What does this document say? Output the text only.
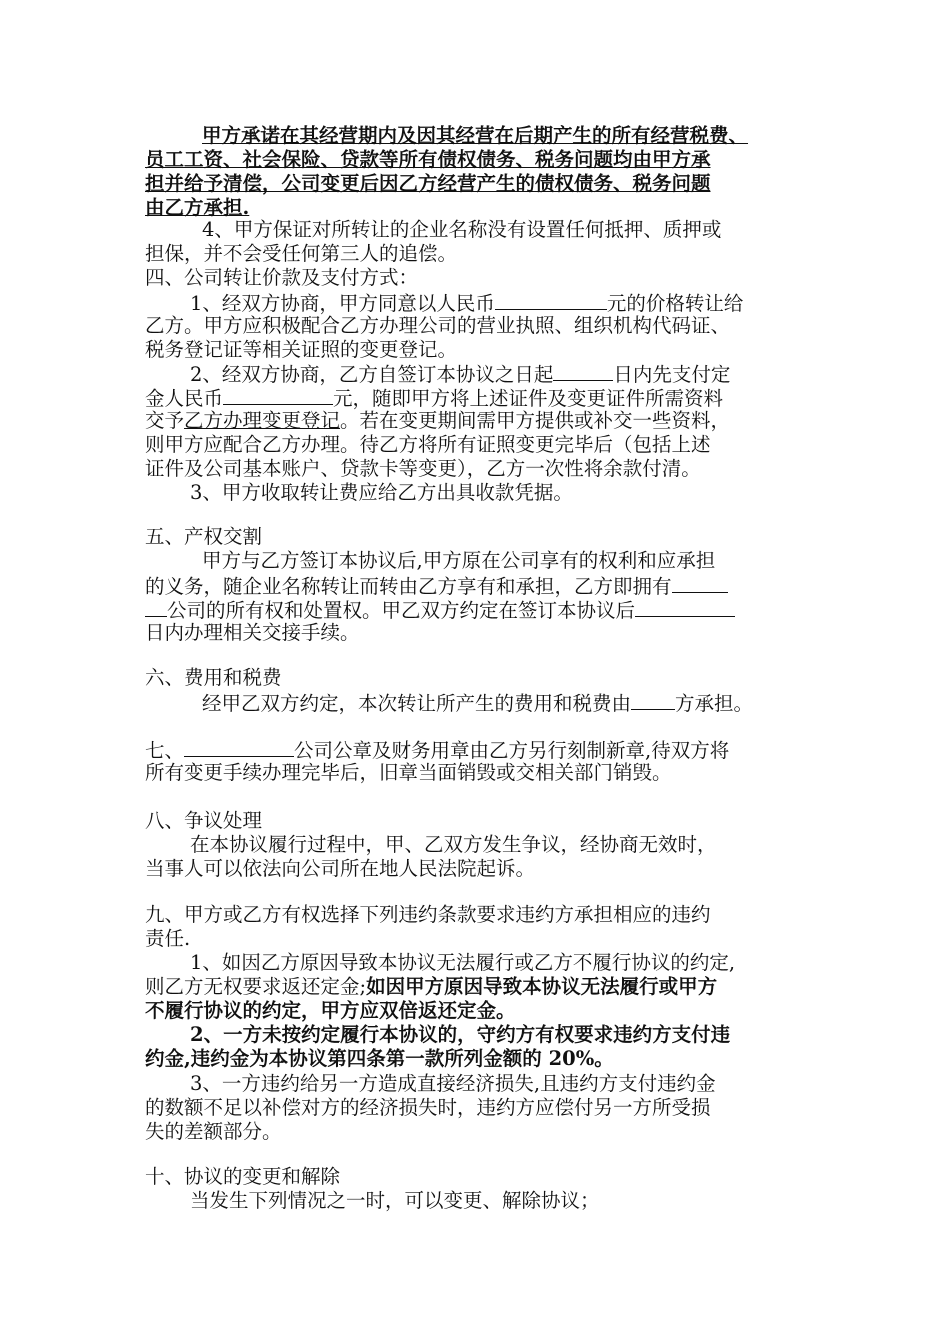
甲方承诺在其经营期内及因其经营在后期产生的所有经营税费、
员工工资、社会保险、贷款等所有债权债务、税务问题均由甲方承
担并给予清偿，公司变更后因乙方经营产生的债权债务、税务问题
由乙方承担.
4、甲方保证对所转让的企业名称没有设置任何抵押、质押或
担保，并不会受任何第三人的追偿。
四、公司转让价款及支付方式：
1、经双方协商，甲方同意以人民币	元的价格转让给
乙方。甲方应积极配合乙方办理公司的营业执照、组织机构代码证、
税务登记证等相关证照的变更登记。
2、经双方协商，乙方自签订本协议之日起	日内先支付定
金人民币	元，随即甲方将上述证件及变更证件所需资料
交予乙方办理变更登记。若在变更期间需甲方提供或补交一些资料，
则甲方应配合乙方办理。待乙方将所有证照变更完毕后（包括上述
证件及公司基本账户、贷款卡等变更），乙方一次性将余款付清。
3、甲方收取转让费应给乙方出具收款凭据。
五、产权交割
甲方与乙方签订本协议后,甲方原在公司享有的权利和应承担
的义务，随企业名称转让而转由乙方享有和承担，乙方即拥有
公司的所有权和处置权。甲乙双方约定在签订本协议后
日内办理相关交接手续。
六、费用和税费
经甲乙双方约定，本次转让所产生的费用和税费由 方承担。
七、	公司公章及财务用章由乙方另行刻制新章,待双方将
所有变更手续办理完毕后，旧章当面销毁或交相关部门销毁。
八、争议处理
在本协议履行过程中，甲、乙双方发生争议，经协商无效时，
当事人可以依法向公司所在地人民法院起诉。
九、甲方或乙方有权选择下列违约条款要求违约方承担相应的违约
责任.
1、如因乙方原因导致本协议无法履行或乙方不履行协议的约定,
则乙方无权要求返还定金;如因甲方原因导致本协议无法履行或甲方
不履行协议的约定，甲方应双倍返还定金。
2、一方未按约定履行本协议的，守约方有权要求违约方支付违
约金,违约金为本协议第四条第一款所列金额的 20%。
3、一方违约给另一方造成直接经济损失,且违约方支付违约金
的数额不足以补偿对方的经济损失时，违约方应偿付另一方所受损
失的差额部分。
十、协议的变更和解除
当发生下列情况之一时，可以变更、解除协议；
